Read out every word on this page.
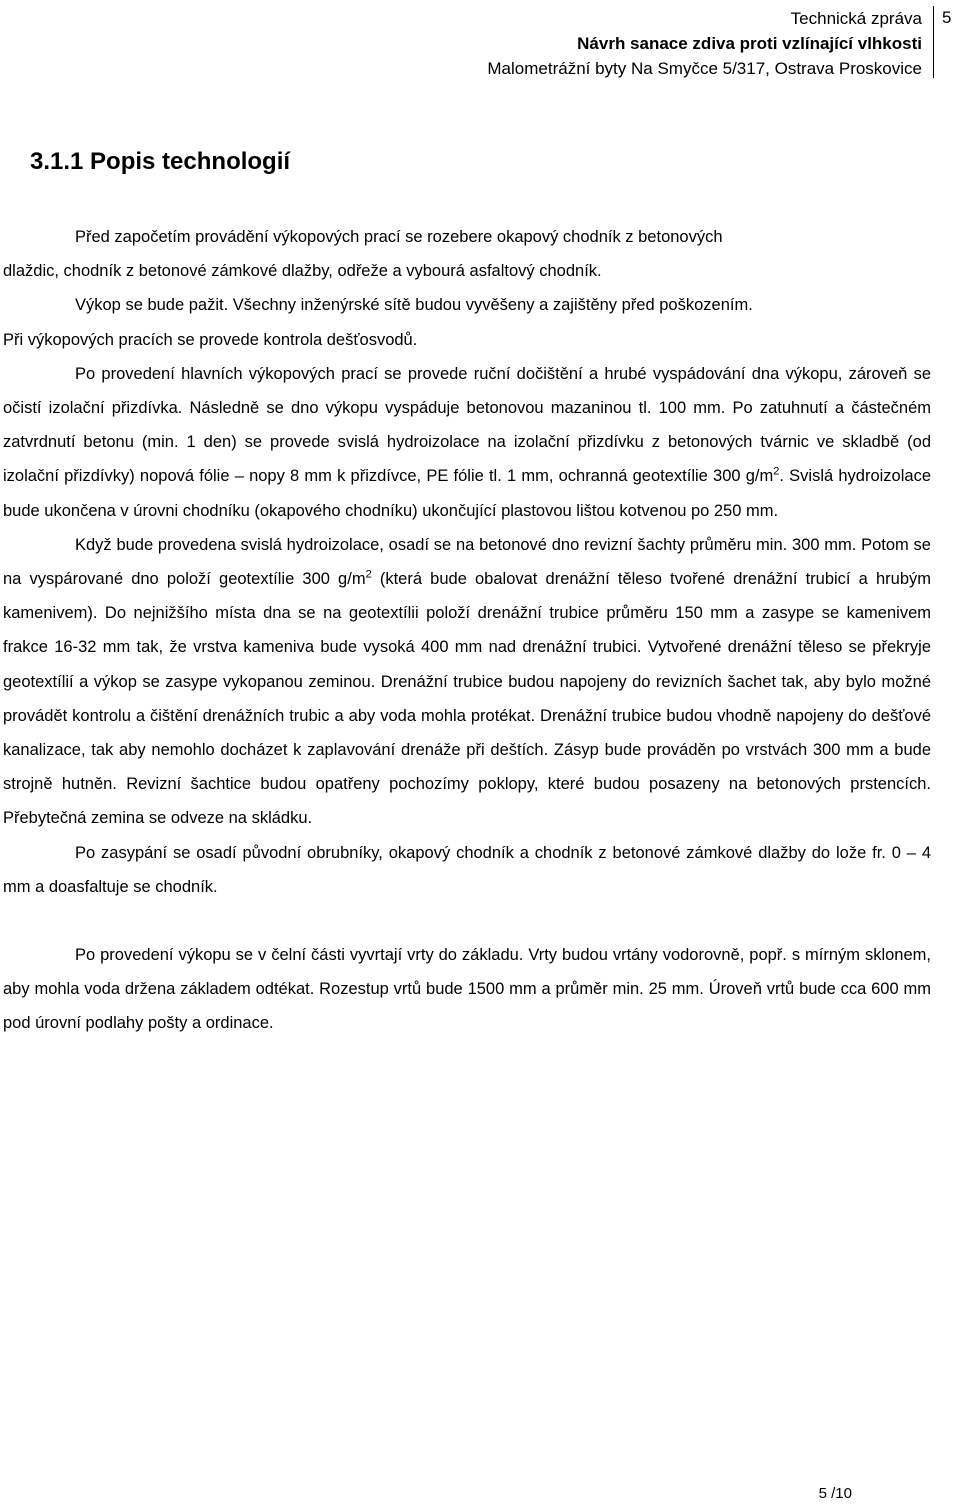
Technická zpráva
Návrh sanace zdiva proti vzlínající vlhkosti
Malometrážní byty Na Smyčce 5/317, Ostrava Proskovice
5
3.1.1 Popis technologií

Před započetím provádění výkopových prací se rozebere okapový chodník z betonových

dlaždic, chodník z betonové zámkové dlažby, odřeže a vybourá asfaltový chodník.

Výkop se bude pažit. Všechny inženýrské sítě budou vyvěšeny a zajištěny před poškozením.

Při výkopových pracích se provede kontrola dešťosvodů.

Po provedení hlavních výkopových prací se provede ruční dočištění a hrubé vyspádování dna výkopu, zároveň se očistí izolační přizdívka. Následně se dno výkopu vyspáduje betonovou mazaninou tl. 100 mm. Po zatuhnutí a částečném zatvrdnutí betonu (min. 1 den) se provede svislá hydroizolace na izolační přizdívku z betonových tvárnic ve skladbě (od izolační přizdívky) nopová fólie – nopy 8 mm k přizdívce, PE fólie tl. 1 mm, ochranná geotextílie 300 $g/m^2$. Svislá hydroizolace bude ukončena v úrovni chodníku (okapového chodníku) ukončující plastovou lištou kotvenou po 250 mm.

Když bude provedena svislá hydroizolace, osadí se na betonové dno revizní šachty průměru min. 300 mm. Potom se na vyspárované dno položí geotextílie 300 $g/m^2$ (která bude obalovat drenážní těleso tvořené drenážní trubicí a hrubým kamenivem). Do nejnižšího místa dna se na geotextílii položí drenážní trubice průměru 150 mm a zasype se kamenivem frakce 16-32 mm tak, že vrstva kameniva bude vysoká 400 mm nad drenážní trubici. Vytvořené drenážní těleso se překryje geotextílií a výkop se zasype vykopanou zeminou. Drenážní trubice budou napojeny do revizních šachet tak, aby bylo možné provádět kontrolu a čištění drenážních trubic a aby voda mohla protékat. Drenážní trubice budou vhodně napojeny do dešťové kanalizace, tak aby nemohlo docházet k zaplavování drenáže při deštích. Zásyp bude prováděn po vrstvách 300 mm a bude strojně hutněn. Revizní šachtice budou opatřeny pochozímy poklopy, které budou posazeny na betonových prstencích. Přebytečná zemina se odveze na skládku.

Po zasypání se osadí původní obrubníky, okapový chodník a chodník z betonové zámkové dlažby do lože fr. 0 – 4 mm a doasfaltuje se chodník.

Po provedení výkopu se v čelní části vyvrtají vrty do základu. Vrty budou vrtány vodorovně, popř. s mírným sklonem, aby mohla voda držena základem odtékat. Rozestup vrtů bude 1500 mm a průměr min. 25 mm. Úroveň vrtů bude cca 600 mm pod úrovní podlahy pošty a ordinace.

5 /10
